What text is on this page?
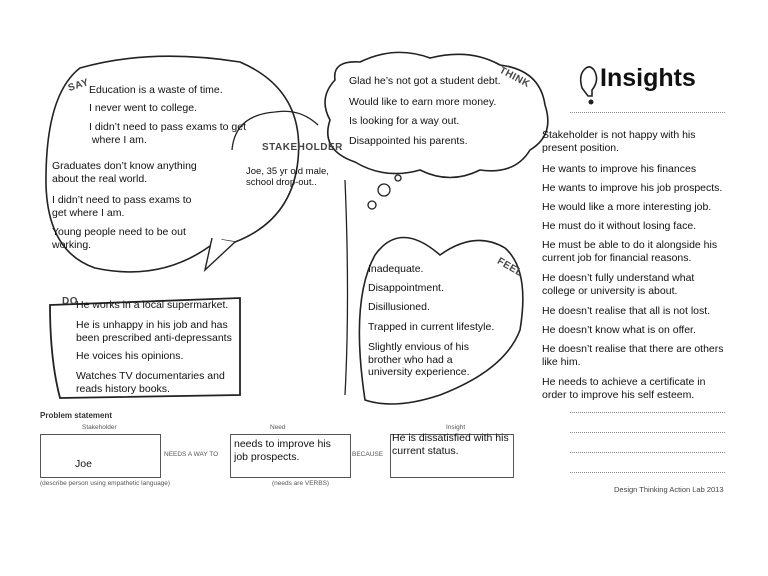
SAY	THINK
DO
FEEL
STAKEHOLDER
Insights
Education is a waste of time.
I never went to college.
I didn’t need to pass exams to get
where I am.
Graduates don’t know anything
about the real world.
I didn’t need to pass exams to
get where I am.
Young people need to be out
working.
Glad he’s not got a student debt.
Would like to earn more money.
Is looking for a way out.
Disappointed his parents.
Joe, 35 yr old male,
school drop-out..
He works in a local supermarket.
He is unhappy in his job and has
been prescribed anti-depressants
He voices his opinions.
Watches TV documentaries and
reads history books.
Inadequate.
Disappointment.
Disillusioned.
Trapped in current lifestyle.
Slightly envious of his
brother who had a
university experience.
Stakeholder is not happy with his
present position.
He wants to improve his finances
He wants to improve his job prospects.
He would like a more interesting job.
He must do it without losing face.
He must be able to do it alongside his
current job for financial reasons.
He doesn’t fully understand what
college or university is about.
He doesn’t realise that all is not lost.
He doesn’t know what is on offer.
He doesn’t realise that there are others
like him.
He needs to achieve a certificate in
order to improve his self esteem.
Problem statement
Stakeholder	Need	Insight
Joe
needs to improve his
job prospects.
He is dissatisfied with his
current status.
NEEDS A WAY TO	BECAUSE
(describe person using empathetic language)	(needs are VERBS)
Design Thinking Action Lab 2013
